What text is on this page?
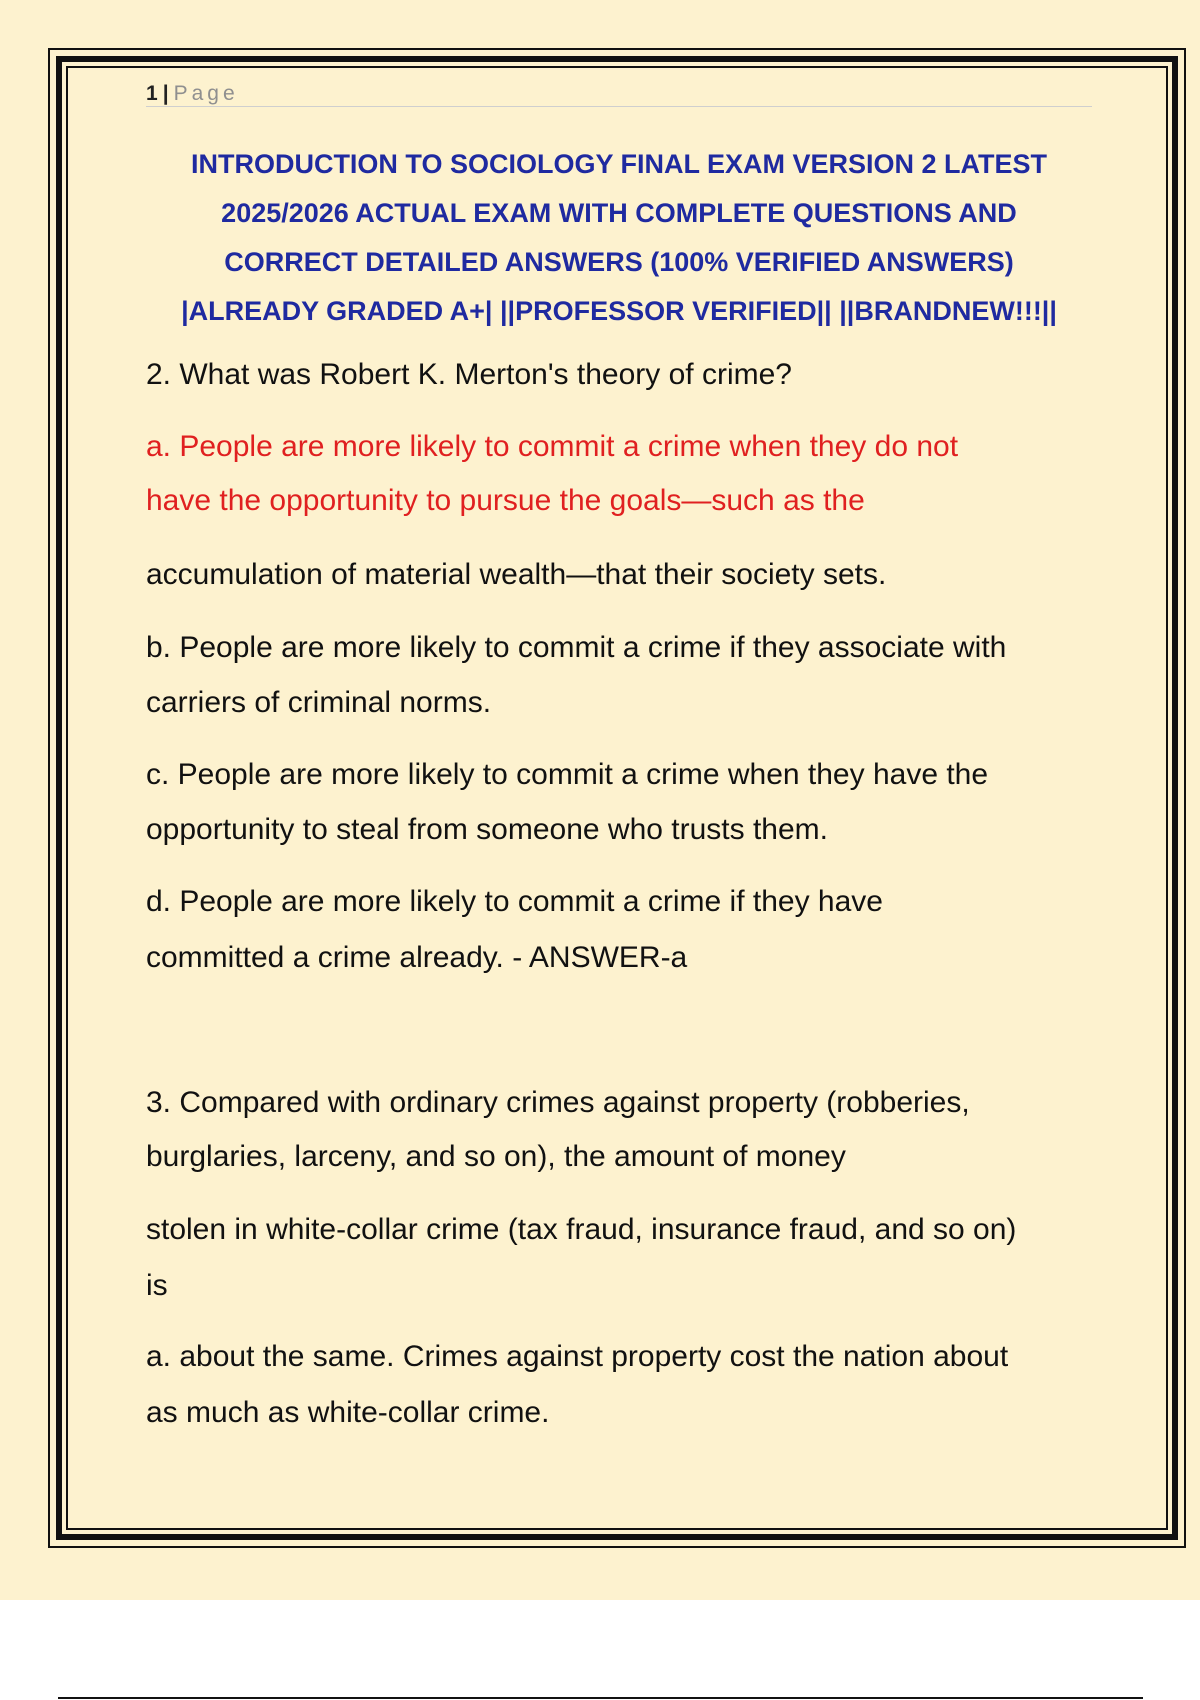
1 | Page
INTRODUCTION TO SOCIOLOGY FINAL EXAM VERSION 2 LATEST
2025/2026 ACTUAL EXAM WITH COMPLETE QUESTIONS AND
CORRECT DETAILED ANSWERS (100% VERIFIED ANSWERS)
|ALREADY GRADED A+| ||PROFESSOR VERIFIED|| ||BRANDNEW!!!||
2. What was Robert K. Merton's theory of crime?
a. People are more likely to commit a crime when they do not
have the opportunity to pursue the goals—such as the
accumulation of material wealth—that their society sets.
b. People are more likely to commit a crime if they associate with
carriers of criminal norms.
c. People are more likely to commit a crime when they have the
opportunity to steal from someone who trusts them.
d. People are more likely to commit a crime if they have
committed a crime already. - ANSWER-a
3. Compared with ordinary crimes against property (robberies,
burglaries, larceny, and so on), the amount of money
stolen in white-collar crime (tax fraud, insurance fraud, and so on)
is
a. about the same. Crimes against property cost the nation about
as much as white-collar crime.
